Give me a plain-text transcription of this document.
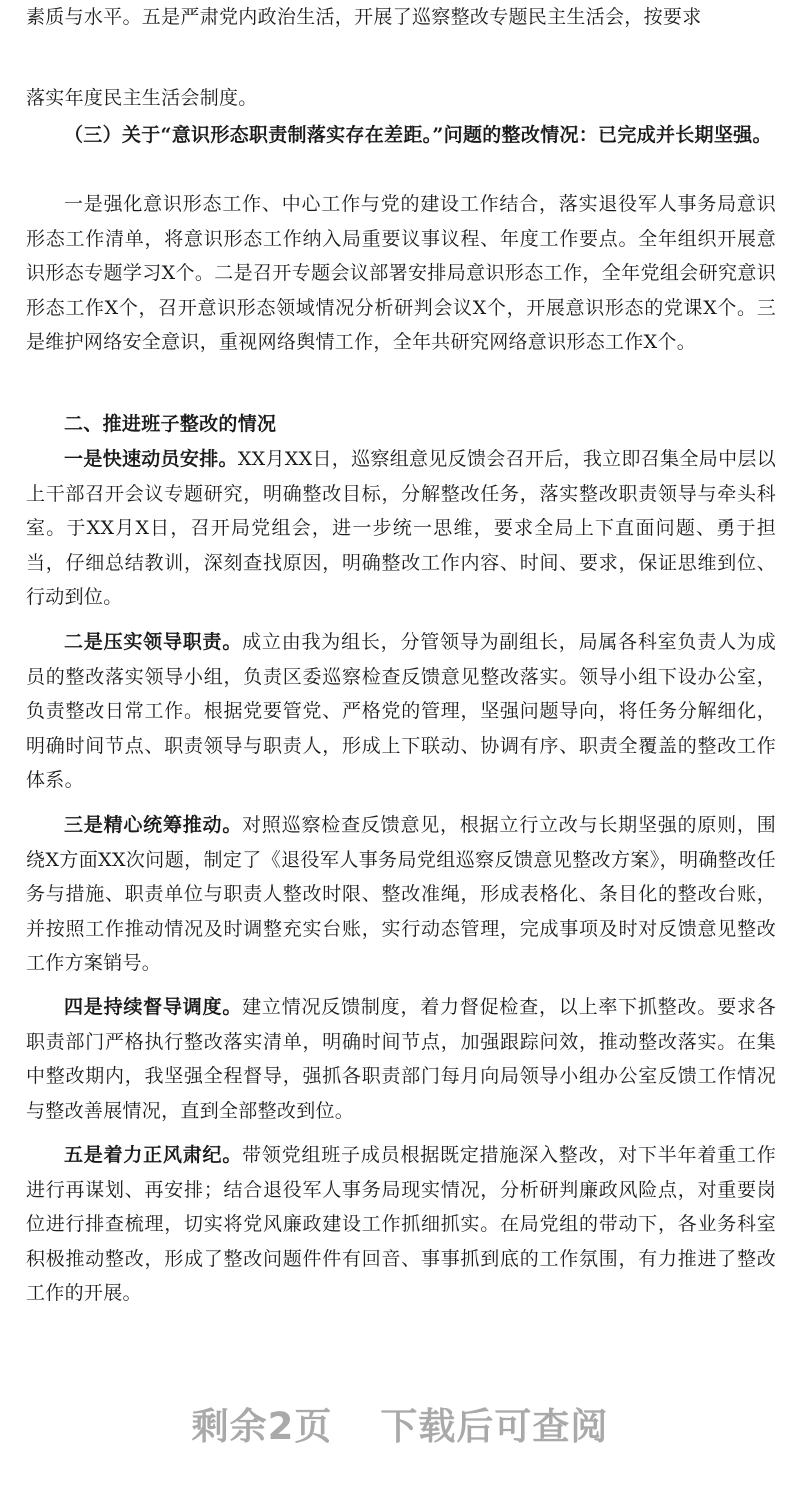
素质与水平。五是严肃党内政治生活，开展了巡察整改专题民主生活会，按要求

落实年度民主生活会制度。

（三）关于“意识形态职责制落实存在差距。”问题的整改情况：已完成并长期坚强。

一是强化意识形态工作、中心工作与党的建设工作结合，落实退役军人事务局意识形态工作清单，将意识形态工作纳入局重要议事议程、年度工作要点。全年组织开展意识形态专题学习X个。二是召开专题会议部署安排局意识形态工作，全年党组会研究意识形态工作X个，召开意识形态领域情况分析研判会议X个，开展意识形态的党课X个。三是维护网络安全意识，重视网络舆情工作，全年共研究网络意识形态工作X个。

二、推进班子整改的情况

一是快速动员安排。XX月XX日，巡察组意见反馈会召开后，我立即召集全局中层以上干部召开会议专题研究，明确整改目标，分解整改任务，落实整改职责领导与牵头科室。于XX月X日，召开局党组会，进一步统一思维，要求全局上下直面问题、勇于担当，仔细总结教训，深刻查找原因，明确整改工作内容、时间、要求，保证思维到位、行动到位。

二是压实领导职责。成立由我为组长，分管领导为副组长，局属各科室负责人为成员的整改落实领导小组，负责区委巡察检查反馈意见整改落实。领导小组下设办公室，负责整改日常工作。根据党要管党、严格党的管理，坚强问题导向，将任务分解细化，明确时间节点、职责领导与职责人，形成上下联动、协调有序、职责全覆盖的整改工作体系。

三是精心统筹推动。对照巡察检查反馈意见，根据立行立改与长期坚强的原则，围绕X方面XX次问题，制定了《退役军人事务局党组巡察反馈意见整改方案》，明确整改任务与措施、职责单位与职责人整改时限、整改准绳，形成表格化、条目化的整改台账，并按照工作推动情况及时调整充实台账，实行动态管理，完成事项及时对反馈意见整改工作方案销号。

四是持续督导调度。建立情况反馈制度，着力督促检查，以上率下抓整改。要求各职责部门严格执行整改落实清单，明确时间节点，加强跟踪问效，推动整改落实。在集中整改期内，我坚强全程督导，强抓各职责部门每月向局领导小组办公室反馈工作情况与整改善展情况，直到全部整改到位。

五是着力正风肃纪。带领党组班子成员根据既定措施深入整改，对下半年着重工作进行再谋划、再安排；结合退役军人事务局现实情况，分析研判廉政风险点，对重要岗位进行排查梳理，切实将党风廉政建设工作抓细抓实。在局党组的带动下，各业务科室积极推动整改，形成了整改问题件件有回音、事事抓到底的工作氛围，有力推进了整改工作的开展。

剩余2页 下载后可查阅
